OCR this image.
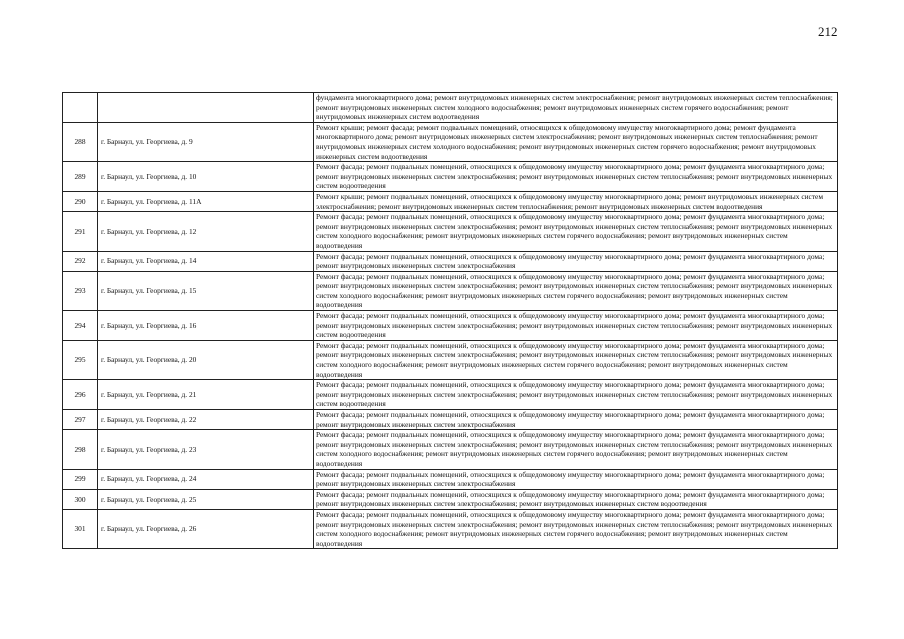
212
		фундамента многоквартирного дома; ремонт внутридомовых инженерных систем электроснабжения; ремонт внутридомовых инженерных систем теплоснабжения; ремонт внутридомовых инженерных систем холодного водоснабжения; ремонт внутридомовых инженерных систем горячего водоснабжения; ремонт внутридомовых инженерных систем водоотведения
288	г. Барнаул, ул. Георгиева, д. 9	Ремонт крыши; ремонт фасада; ремонт подвальных помещений, относящихся к общедомовому имуществу многоквартирного дома; ремонт фундамента многоквартирного дома; ремонт внутридомовых инженерных систем электроснабжения; ремонт внутридомовых инженерных систем теплоснабжения; ремонт внутридомовых инженерных систем холодного водоснабжения; ремонт внутридомовых инженерных систем горячего водоснабжения; ремонт внутридомовых инженерных систем водоотведения
289	г. Барнаул, ул. Георгиева, д. 10	Ремонт фасада; ремонт подвальных помещений, относящихся к общедомовому имуществу многоквартирного дома; ремонт фундамента многоквартирного дома; ремонт внутридомовых инженерных систем электроснабжения; ремонт внутридомовых инженерных систем теплоснабжения; ремонт внутридомовых инженерных систем водоотведения
290	г. Барнаул, ул. Георгиева, д. 11А	Ремонт крыши; ремонт подвальных помещений, относящихся к общедомовому имуществу многоквартирного дома; ремонт внутридомовых инженерных систем электроснабжения; ремонт внутридомовых инженерных систем теплоснабжения; ремонт внутридомовых инженерных систем водоотведения
291	г. Барнаул, ул. Георгиева, д. 12	Ремонт фасада; ремонт подвальных помещений, относящихся к общедомовому имуществу многоквартирного дома; ремонт фундамента многоквартирного дома; ремонт внутридомовых инженерных систем электроснабжения; ремонт внутридомовых инженерных систем теплоснабжения; ремонт внутридомовых инженерных систем холодного водоснабжения; ремонт внутридомовых инженерных систем горячего водоснабжения; ремонт внутридомовых инженерных систем водоотведения
292	г. Барнаул, ул. Георгиева, д. 14	Ремонт фасада; ремонт подвальных помещений, относящихся к общедомовому имуществу многоквартирного дома; ремонт фундамента многоквартирного дома; ремонт внутридомовых инженерных систем электроснабжения
293	г. Барнаул, ул. Георгиева, д. 15	Ремонт фасада; ремонт подвальных помещений, относящихся к общедомовому имуществу многоквартирного дома; ремонт фундамента многоквартирного дома; ремонт внутридомовых инженерных систем электроснабжения; ремонт внутридомовых инженерных систем теплоснабжения; ремонт внутридомовых инженерных систем холодного водоснабжения; ремонт внутридомовых инженерных систем горячего водоснабжения; ремонт внутридомовых инженерных систем водоотведения
294	г. Барнаул, ул. Георгиева, д. 16	Ремонт фасада; ремонт подвальных помещений, относящихся к общедомовому имуществу многоквартирного дома; ремонт фундамента многоквартирного дома; ремонт внутридомовых инженерных систем электроснабжения; ремонт внутридомовых инженерных систем теплоснабжения; ремонт внутридомовых инженерных систем водоотведения
295	г. Барнаул, ул. Георгиева, д. 20	Ремонт фасада; ремонт подвальных помещений, относящихся к общедомовому имуществу многоквартирного дома; ремонт фундамента многоквартирного дома; ремонт внутридомовых инженерных систем электроснабжения; ремонт внутридомовых инженерных систем теплоснабжения; ремонт внутридомовых инженерных систем холодного водоснабжения; ремонт внутридомовых инженерных систем горячего водоснабжения; ремонт внутридомовых инженерных систем водоотведения
296	г. Барнаул, ул. Георгиева, д. 21	Ремонт фасада; ремонт подвальных помещений, относящихся к общедомовому имуществу многоквартирного дома; ремонт фундамента многоквартирного дома; ремонт внутридомовых инженерных систем электроснабжения; ремонт внутридомовых инженерных систем теплоснабжения; ремонт внутридомовых инженерных систем водоотведения
297	г. Барнаул, ул. Георгиева, д. 22	Ремонт фасада; ремонт подвальных помещений, относящихся к общедомовому имуществу многоквартирного дома; ремонт фундамента многоквартирного дома; ремонт внутридомовых инженерных систем электроснабжения
298	г. Барнаул, ул. Георгиева, д. 23	Ремонт фасада; ремонт подвальных помещений, относящихся к общедомовому имуществу многоквартирного дома; ремонт фундамента многоквартирного дома; ремонт внутридомовых инженерных систем электроснабжения; ремонт внутридомовых инженерных систем теплоснабжения; ремонт внутридомовых инженерных систем холодного водоснабжения; ремонт внутридомовых инженерных систем горячего водоснабжения; ремонт внутридомовых инженерных систем водоотведения
299	г. Барнаул, ул. Георгиева, д. 24	Ремонт фасада; ремонт подвальных помещений, относящихся к общедомовому имуществу многоквартирного дома; ремонт фундамента многоквартирного дома; ремонт внутридомовых инженерных систем электроснабжения
300	г. Барнаул, ул. Георгиева, д. 25	Ремонт фасада; ремонт подвальных помещений, относящихся к общедомовому имуществу многоквартирного дома; ремонт фундамента многоквартирного дома; ремонт внутридомовых инженерных систем электроснабжения; ремонт внутридомовых инженерных систем водоотведения
301	г. Барнаул, ул. Георгиева, д. 26	Ремонт фасада; ремонт подвальных помещений, относящихся к общедомовому имуществу многоквартирного дома; ремонт фундамента многоквартирного дома; ремонт внутридомовых инженерных систем электроснабжения; ремонт внутридомовых инженерных систем теплоснабжения; ремонт внутридомовых инженерных систем холодного водоснабжения; ремонт внутридомовых инженерных систем горячего водоснабжения; ремонт внутридомовых инженерных систем водоотведения
